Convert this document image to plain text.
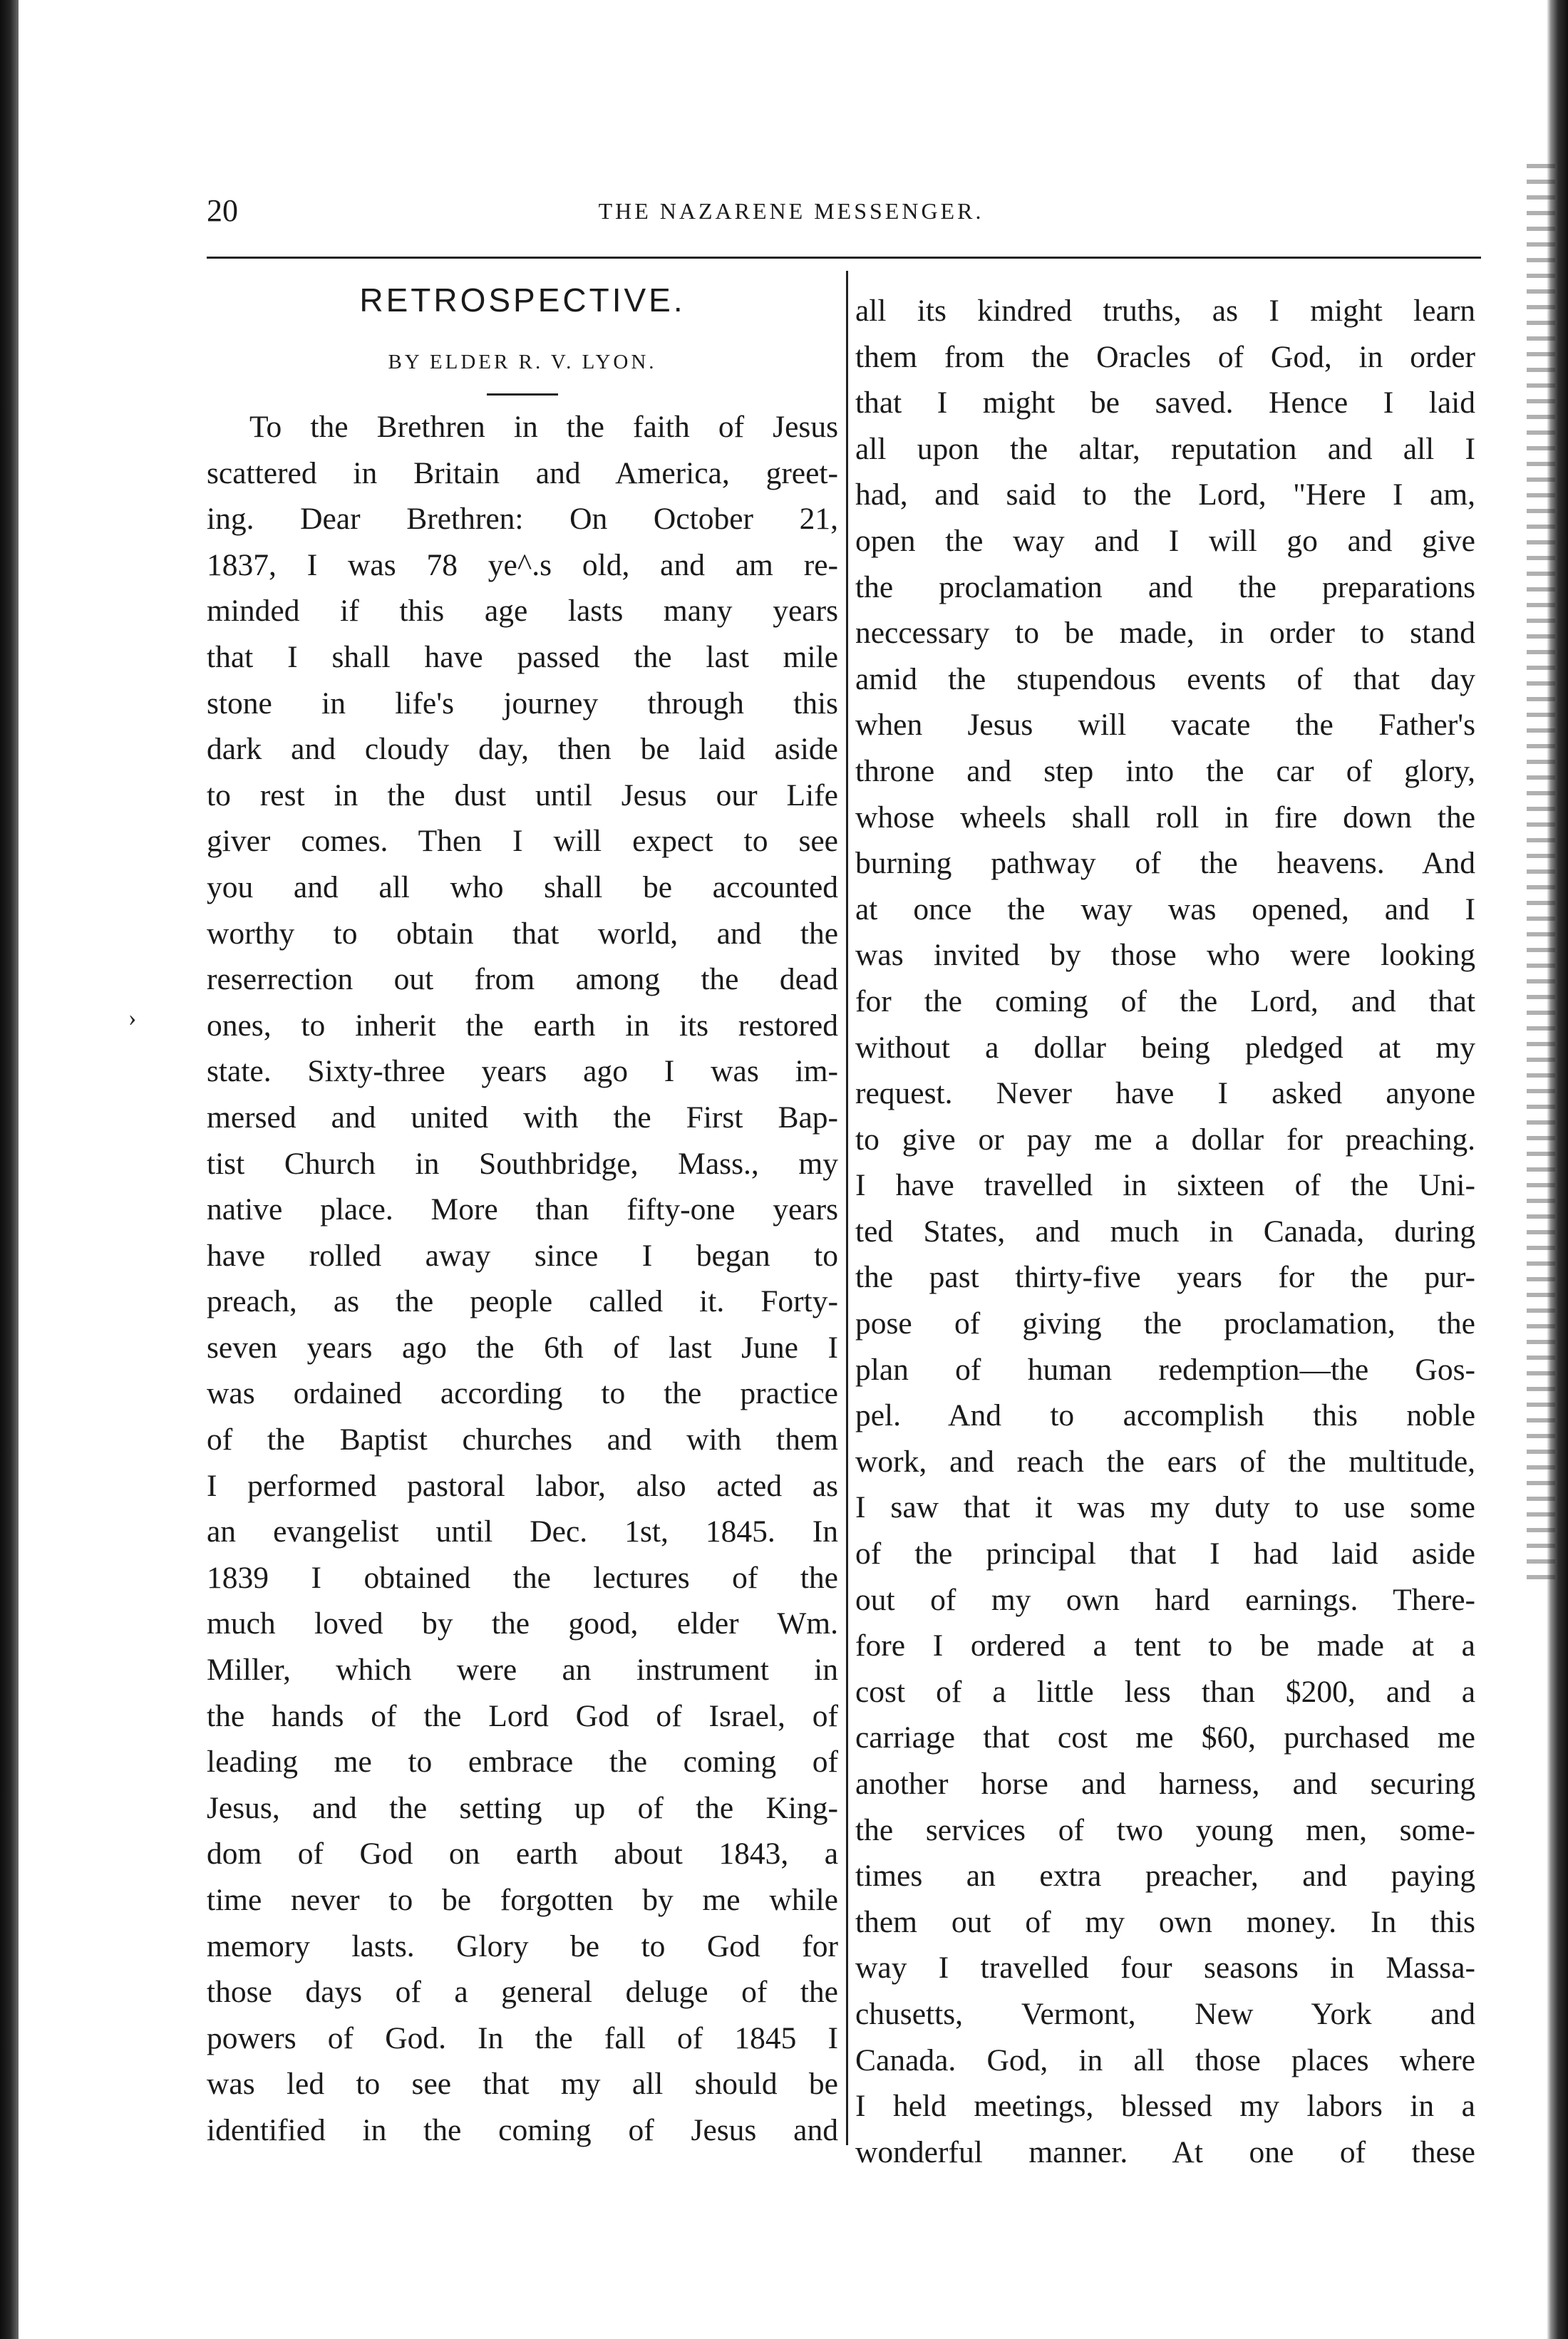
›
20	THE NAZARENE MESSENGER.
RETROSPECTIVE.
BY ELDER R. V. LYON.
To the Brethren in the faith of Jesus
scattered in Britain and America, greet-
ing. Dear Brethren: On October 21,
1837, I was 78 ye^.s old, and am re-
minded if this age lasts many years
that I shall have passed the last mile
stone in life's journey through this
dark and cloudy day, then be laid aside
to rest in the dust until Jesus our Life
giver comes. Then I will expect to see
you and all who shall be accounted
worthy to obtain that world, and the
reserrection out from among the dead
ones, to inherit the earth in its restored
state. Sixty-three years ago I was im-
mersed and united with the First Bap-
tist Church in Southbridge, Mass., my
native place. More than fifty-one years
have rolled away since I began to
preach, as the people called it. Forty-
seven years ago the 6th of last June I
was ordained according to the practice
of the Baptist churches and with them
I performed pastoral labor, also acted as
an evangelist until Dec. 1st, 1845. In
1839 I obtained the lectures of the
much loved by the good, elder Wm.
Miller, which were an instrument in
the hands of the Lord God of Israel, of
leading me to embrace the coming of
Jesus, and the setting up of the King-
dom of God on earth about 1843, a
time never to be forgotten by me while
memory lasts. Glory be to God for
those days of a general deluge of the
powers of God. In the fall of 1845 I
was led to see that my all should be
identified in the coming of Jesus and
all its kindred truths, as I might learn
them from the Oracles of God, in order
that I might be saved. Hence I laid
all upon the altar, reputation and all I
had, and said to the Lord, "Here I am,
open the way and I will go and give
the proclamation and the preparations
neccessary to be made, in order to stand
amid the stupendous events of that day
when Jesus will vacate the Father's
throne and step into the car of glory,
whose wheels shall roll in fire down the
burning pathway of the heavens. And
at once the way was opened, and I
was invited by those who were looking
for the coming of the Lord, and that
without a dollar being pledged at my
request. Never have I asked anyone
to give or pay me a dollar for preaching.
I have travelled in sixteen of the Uni-
ted States, and much in Canada, during
the past thirty-five years for the pur-
pose of giving the proclamation, the
plan of human redemption—the Gos-
pel. And to accomplish this noble
work, and reach the ears of the multitude,
I saw that it was my duty to use some
of the principal that I had laid aside
out of my own hard earnings. There-
fore I ordered a tent to be made at a
cost of a little less than $200, and a
carriage that cost me $60, purchased me
another horse and harness, and securing
the services of two young men, some-
times an extra preacher, and paying
them out of my own money. In this
way I travelled four seasons in Massa-
chusetts, Vermont, New York and
Canada. God, in all those places where
I held meetings, blessed my labors in a
wonderful manner. At one of these
